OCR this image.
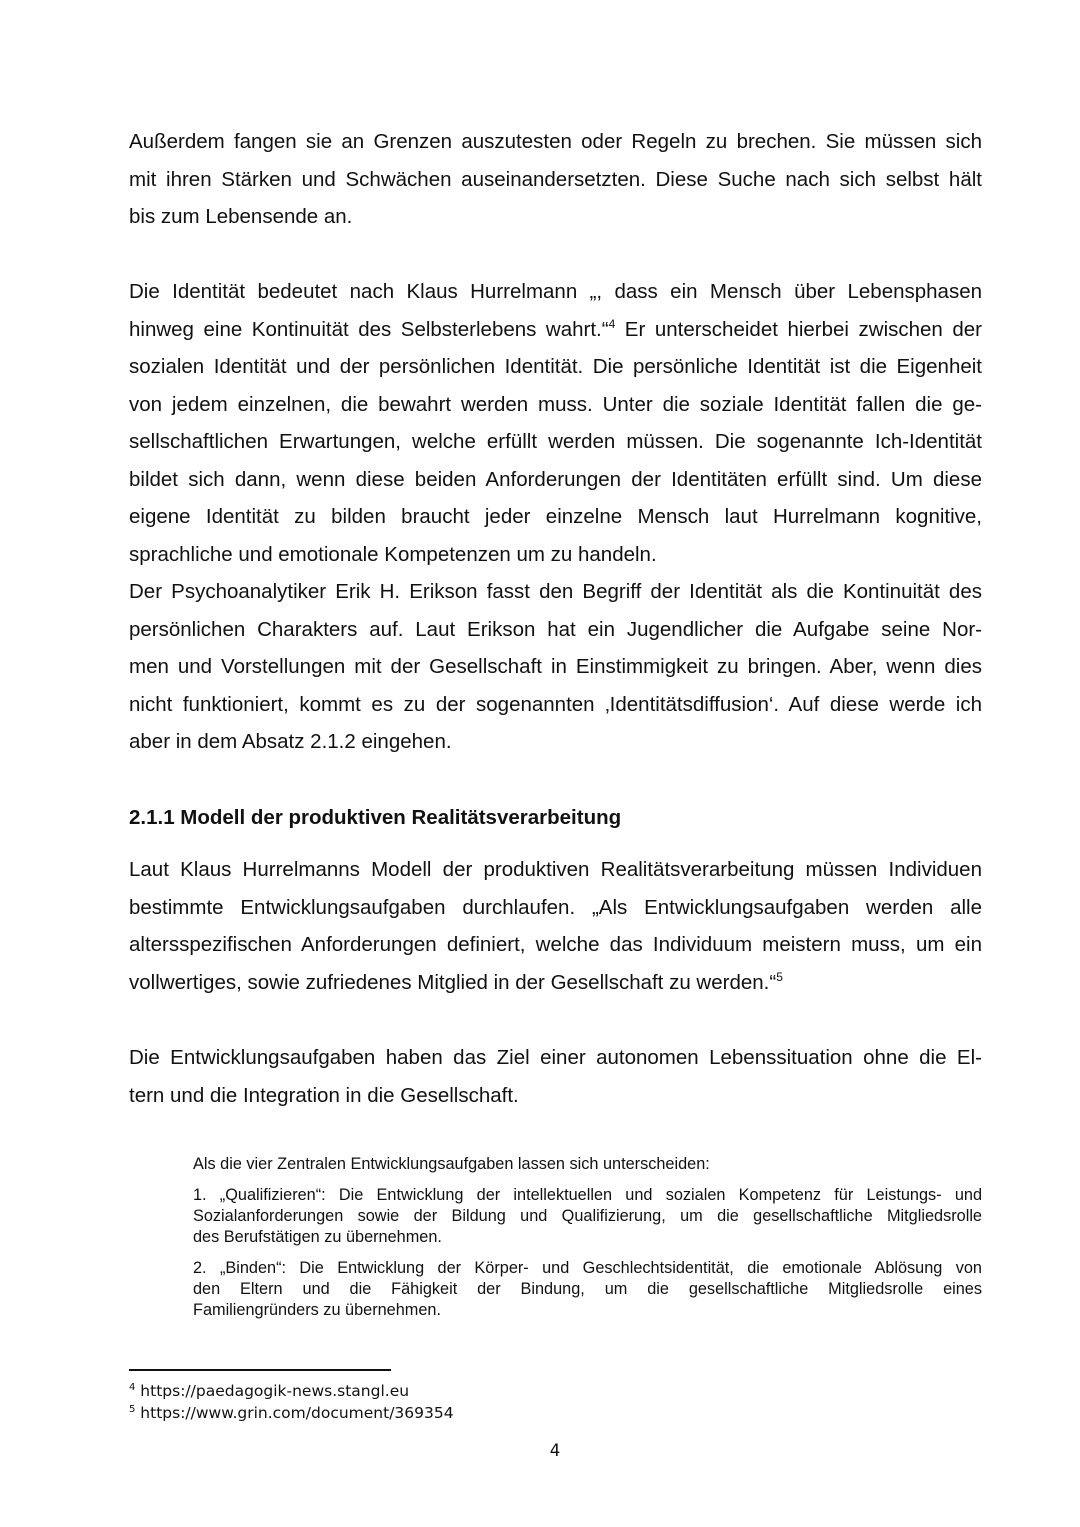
Außerdem fangen sie an Grenzen auszutesten oder Regeln zu brechen. Sie müssen sich
mit ihren Stärken und Schwächen auseinandersetzten. Diese Suche nach sich selbst hält
bis zum Lebensende an.

Die Identität bedeutet nach Klaus Hurrelmann „, dass ein Mensch über Lebensphasen
hinweg eine Kontinuität des Selbsterlebens wahrt.“$^4$ Er unterscheidet hierbei zwischen der
sozialen Identität und der persönlichen Identität. Die persönliche Identität ist die Eigenheit
von jedem einzelnen, die bewahrt werden muss. Unter die soziale Identität fallen die ge-
sellschaftlichen Erwartungen, welche erfüllt werden müssen. Die sogenannte Ich-Identität
bildet sich dann, wenn diese beiden Anforderungen der Identitäten erfüllt sind. Um diese
eigene Identität zu bilden braucht jeder einzelne Mensch laut Hurrelmann kognitive,
sprachliche und emotionale Kompetenzen um zu handeln.

Der Psychoanalytiker Erik H. Erikson fasst den Begriff der Identität als die Kontinuität des
persönlichen Charakters auf. Laut Erikson hat ein Jugendlicher die Aufgabe seine Nor-
men und Vorstellungen mit der Gesellschaft in Einstimmigkeit zu bringen. Aber, wenn dies
nicht funktioniert, kommt es zu der sogenannten ‚Identitätsdiffusion‘. Auf diese werde ich
aber in dem Absatz 2.1.2 eingehen.

2.1.1 Modell der produktiven Realitätsverarbeitung

Laut Klaus Hurrelmanns Modell der produktiven Realitätsverarbeitung müssen Individuen
bestimmte Entwicklungsaufgaben durchlaufen. „Als Entwicklungsaufgaben werden alle
altersspezifischen Anforderungen definiert, welche das Individuum meistern muss, um ein
vollwertiges, sowie zufriedenes Mitglied in der Gesellschaft zu werden.“$^5$

Die Entwicklungsaufgaben haben das Ziel einer autonomen Lebenssituation ohne die El-
tern und die Integration in die Gesellschaft.

Als die vier Zentralen Entwicklungsaufgaben lassen sich unterscheiden:

1. „Qualifizieren“: Die Entwicklung der intellektuellen und sozialen Kompetenz für Leistungs- und
Sozialanforderungen sowie der Bildung und Qualifizierung, um die gesellschaftliche Mitgliedsrolle
des Berufstätigen zu übernehmen.

2. „Binden“: Die Entwicklung der Körper- und Geschlechtsidentität, die emotionale Ablösung von
den Eltern und die Fähigkeit der Bindung, um die gesellschaftliche Mitgliedsrolle eines
Familiengründers zu übernehmen.

$^4$ https://paedagogik-news.stangl.eu

$^5$ https://www.grin.com/document/369354

4
